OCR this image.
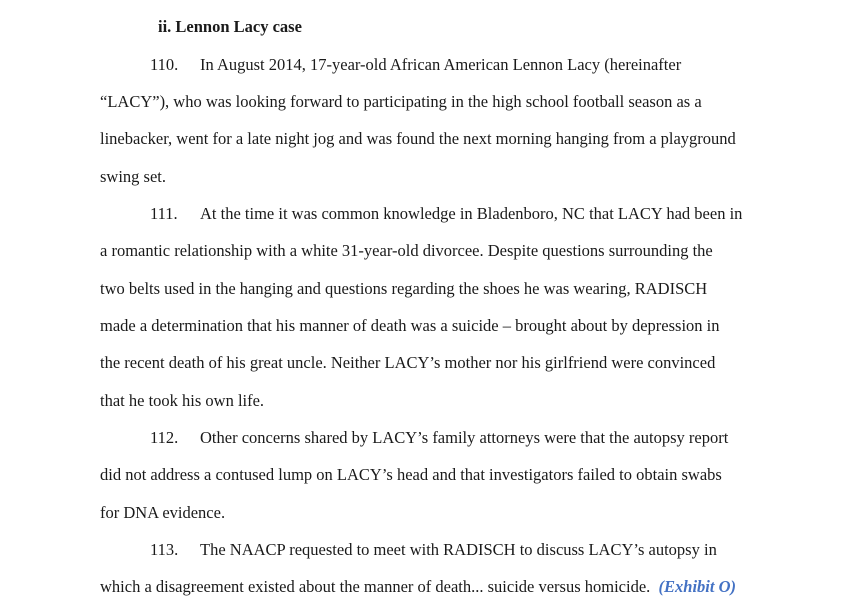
ii. Lennon Lacy case
110. In August 2014, 17-year-old African American Lennon Lacy (hereinafter
“LACY”), who was looking forward to participating in the high school football season as a
linebacker, went for a late night jog and was found the next morning hanging from a playground
swing set.
111. At the time it was common knowledge in Bladenboro, NC that LACY had been in
a romantic relationship with a white 31-year-old divorcee. Despite questions surrounding the
two belts used in the hanging and questions regarding the shoes he was wearing, RADISCH
made a determination that his manner of death was a suicide – brought about by depression in
the recent death of his great uncle. Neither LACY’s mother nor his girlfriend were convinced
that he took his own life.
112. Other concerns shared by LACY’s family attorneys were that the autopsy report
did not address a contused lump on LACY’s head and that investigators failed to obtain swabs
for DNA evidence.
113. The NAACP requested to meet with RADISCH to discuss LACY’s autopsy in
which a disagreement existed about the manner of death... suicide versus homicide. (Exhibit O)
